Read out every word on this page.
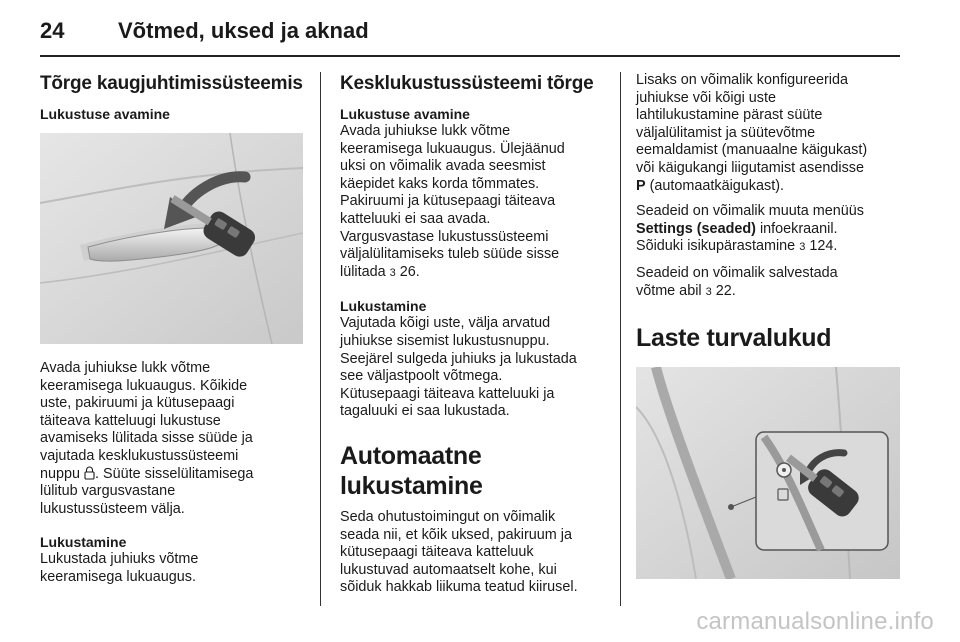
24 Võtmed, uksed ja aknad
Tõrge kaugjuhtimissüsteemis
Lukustuse avamine
Avada juhiukse lukk võtme
keeramisega lukuaugus. Kõikide
uste, pakiruumi ja kütusepaagi
täiteava katteluugi lukustuse
avamiseks lülitada sisse süüde ja
vajutada kesklukustussüsteemi
nuppu . Süüte sisselülitamisega
lülitub vargusvastane
lukustussüsteem välja.
Lukustamine
Lukustada juhiuks võtme
keeramisega lukuaugus.
Kesklukustussüsteemi tõrge
Lukustuse avamine
Avada juhiukse lukk võtme
keeramisega lukuaugus. Ülejäänud
uksi on võimalik avada seesmist
käepidet kaks korda tõmmates.
Pakiruumi ja kütusepaagi täiteava
katteluuki ei saa avada.
Vargusvastase lukustussüsteemi
väljalülitamiseks tuleb süüde sisse
lülitada 3 26.
Lukustamine
Vajutada kõigi uste, välja arvatud
juhiukse sisemist lukustusnuppu.
Seejärel sulgeda juhiuks ja lukustada
see väljastpoolt võtmega.
Kütusepaagi täiteava katteluuki ja
tagaluuki ei saa lukustada.
Automaatne lukustamine
Seda ohutustoimingut on võimalik
seada nii, et kõik uksed, pakiruum ja
kütusepaagi täiteava katteluuk
lukustuvad automaatselt kohe, kui
sõiduk hakkab liikuma teatud kiirusel.
Lisaks on võimalik konfigureerida
juhiukse või kõigi uste
lahtilukustamine pärast süüte
väljalülitamist ja süütevõtme
eemaldamist (manuaalne käigukast)
või käigukangi liigutamist asendisse
P (automaatkäigukast).
Seadeid on võimalik muuta menüüs
Settings (seaded) infoekraanil.
Sõiduki isikupärastamine 3 124.
Seadeid on võimalik salvestada
võtme abil 3 22.
Laste turvalukud
carmanualsonline.info
